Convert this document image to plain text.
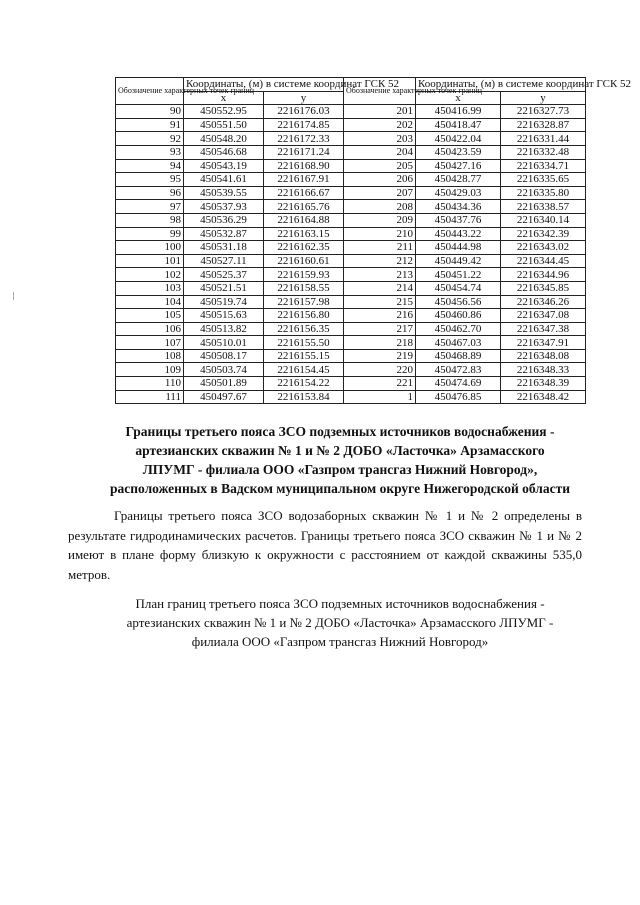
Обозначение характерных точек границ	Координаты, (м) в системе координат ГСК 52		Обозначение характерных точек границ	Координаты, (м) в системе координат ГСК 52	
	x	y		x	y
90	450552.95	2216176.03	201	450416.99	2216327.73
91	450551.50	2216174.85	202	450418.47	2216328.87
92	450548.20	2216172.33	203	450422.04	2216331.44
93	450546.68	2216171.24	204	450423.59	2216332.48
94	450543.19	2216168.90	205	450427.16	2216334.71
95	450541.61	2216167.91	206	450428.77	2216335.65
96	450539.55	2216166.67	207	450429.03	2216335.80
97	450537.93	2216165.76	208	450434.36	2216338.57
98	450536.29	2216164.88	209	450437.76	2216340.14
99	450532.87	2216163.15	210	450443.22	2216342.39
100	450531.18	2216162.35	211	450444.98	2216343.02
101	450527.11	2216160.61	212	450449.42	2216344.45
102	450525.37	2216159.93	213	450451.22	2216344.96
103	450521.51	2216158.55	214	450454.74	2216345.85
104	450519.74	2216157.98	215	450456.56	2216346.26
105	450515.63	2216156.80	216	450460.86	2216347.08
106	450513.82	2216156.35	217	450462.70	2216347.38
107	450510.01	2216155.50	218	450467.03	2216347.91
108	450508.17	2216155.15	219	450468.89	2216348.08
109	450503.74	2216154.45	220	450472.83	2216348.33
110	450501.89	2216154.22	221	450474.69	2216348.39
111	450497.67	2216153.84	1	450476.85	2216348.42
Границы третьего пояса ЗСО подземных источников водоснабжения -
артезианских скважин № 1 и № 2 ДОБО «Ласточка» Арзамасского
ЛПУМГ - филиала ООО «Газпром трансгаз Нижний Новгород»,
расположенных в Вадском муниципальном округе Нижегородской области
Границы третьего пояса ЗСО водозаборных скважин № 1 и № 2 определены в результате гидродинамических расчетов. Границы третьего пояса ЗСО скважин № 1 и № 2 имеют в плане форму близкую к окружности с расстоянием от каждой скважины 535,0 метров.
План границ третьего пояса ЗСО подземных источников водоснабжения -
артезианских скважин № 1 и № 2 ДОБО «Ласточка» Арзамасского ЛПУМГ -
филиала ООО «Газпром трансгаз Нижний Новгород»
